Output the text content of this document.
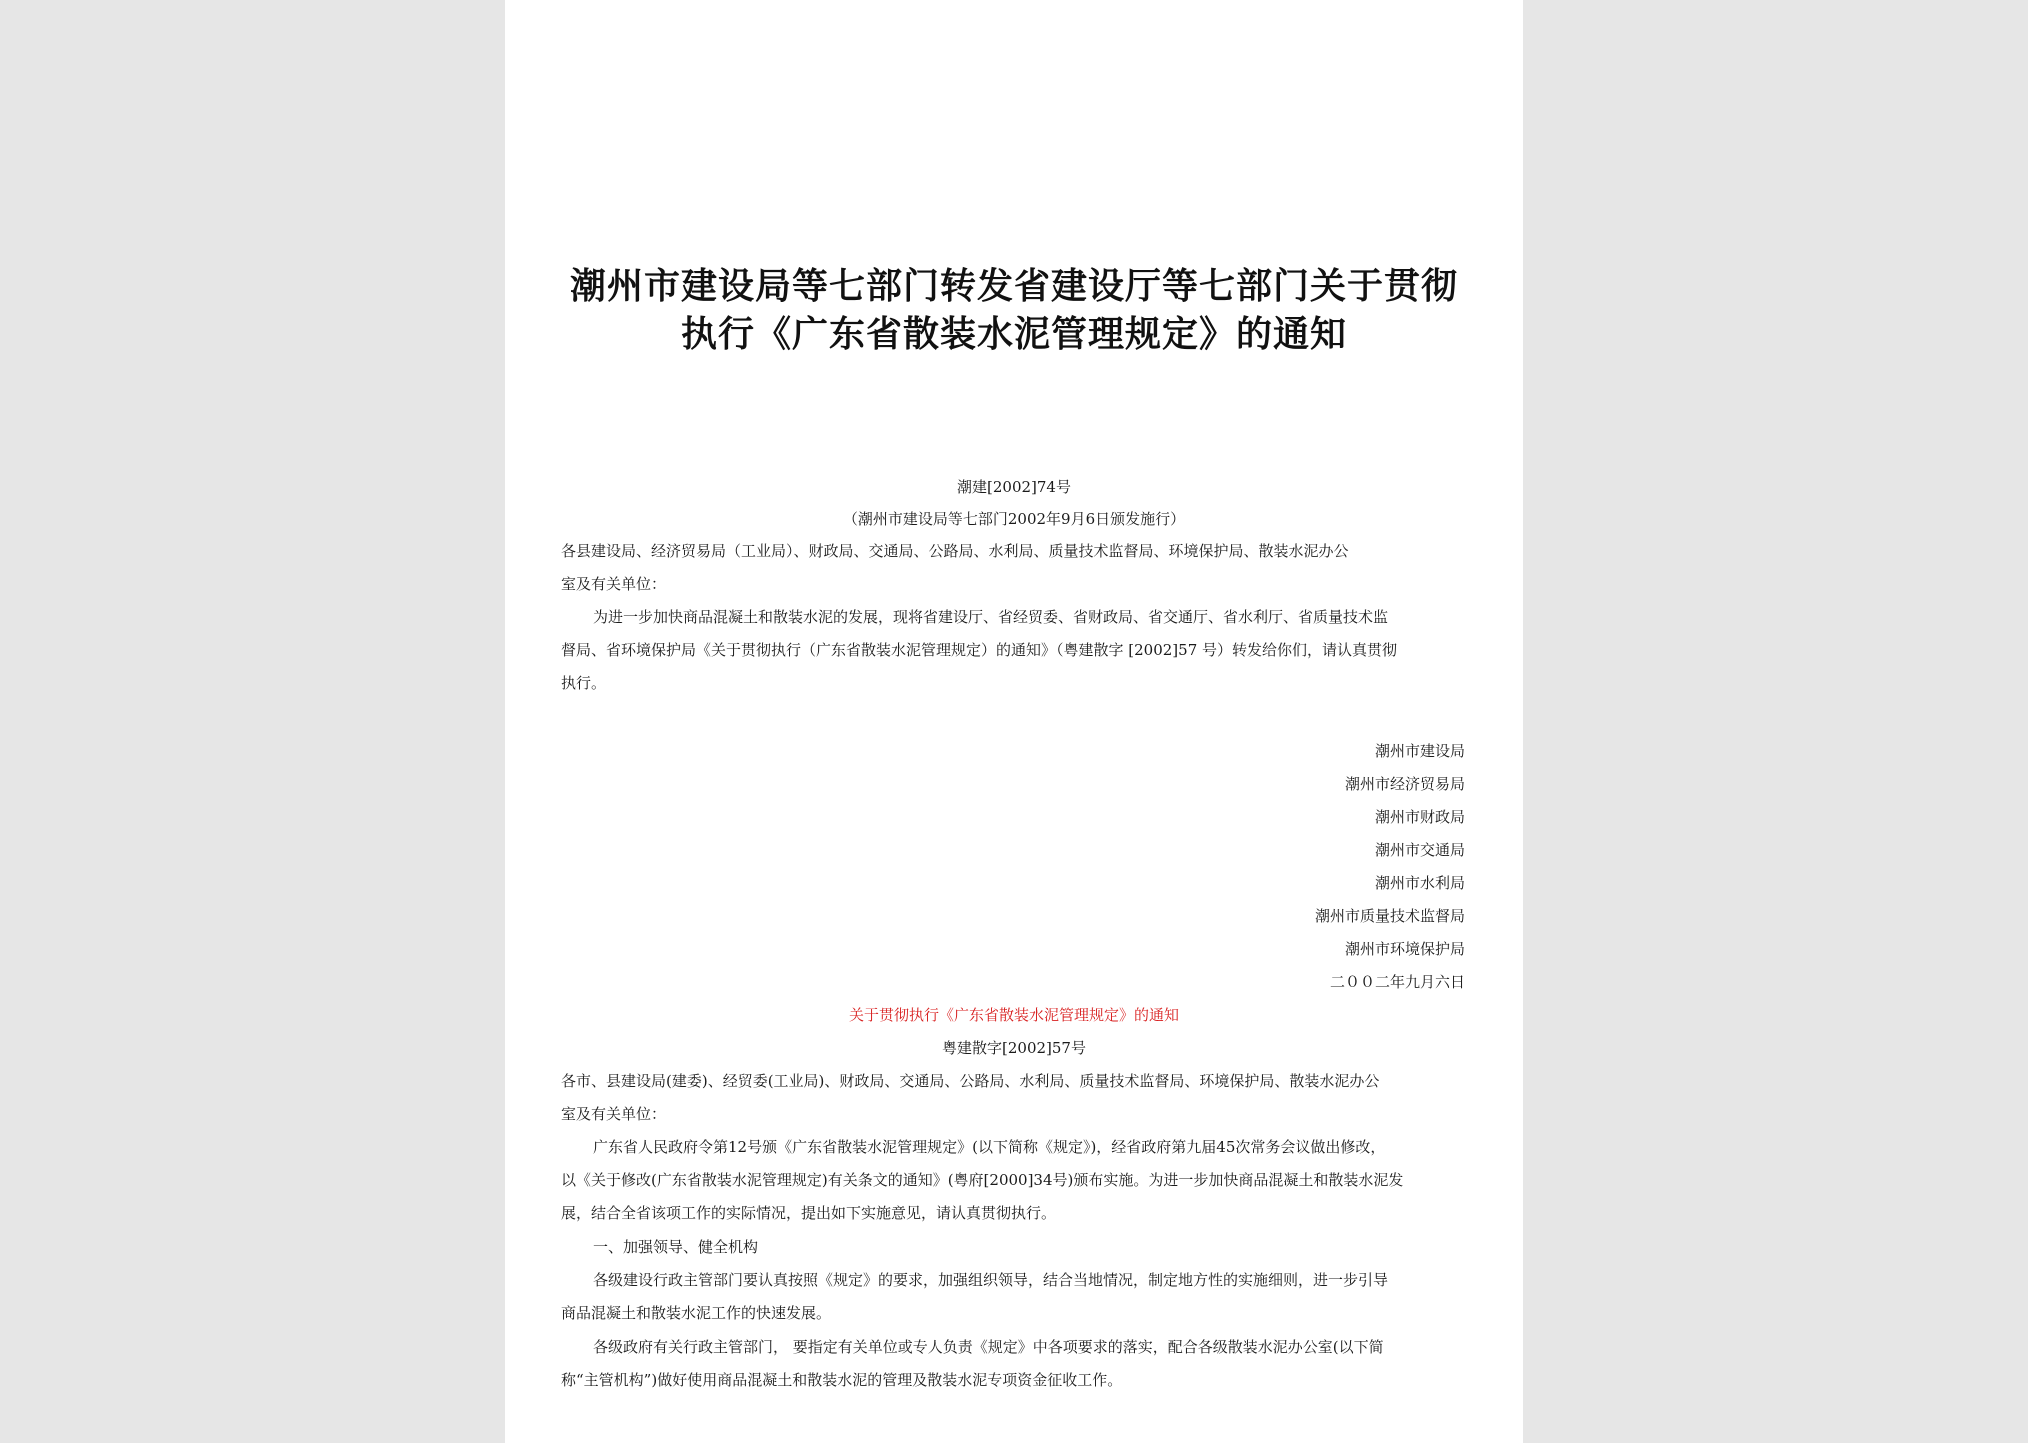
潮州市建设局等七部门转发省建设厅等七部门关于贯彻
执行《广东省散装水泥管理规定》的通知
潮建[2002]74号
（潮州市建设局等七部门2002年9月6日颁发施行）
各县建设局、经济贸易局（工业局）、财政局、交通局、公路局、水利局、质量技术监督局、环境保护局、散装水泥办公
室及有关单位：
为进一步加快商品混凝土和散装水泥的发展，现将省建设厅、省经贸委、省财政局、省交通厅、省水利厅、省质量技术监
督局、省环境保护局《关于贯彻执行（广东省散装水泥管理规定）的通知》（粤建散字 [2002]57 号）转发给你们，请认真贯彻
执行。
潮州市建设局
潮州市经济贸易局
潮州市财政局
潮州市交通局
潮州市水利局
潮州市质量技术监督局
潮州市环境保护局
二００二年九月六日
关于贯彻执行《广东省散装水泥管理规定》的通知
粤建散字[2002]57号
各市、县建设局(建委)、经贸委(工业局)、财政局、交通局、公路局、水利局、质量技术监督局、环境保护局、散装水泥办公
室及有关单位：
广东省人民政府令第12号颁《广东省散装水泥管理规定》(以下简称《规定》)，经省政府第九届45次常务会议做出修改，
以《关于修改(广东省散装水泥管理规定)有关条文的通知》(粤府[2000]34号)颁布实施。为进一步加快商品混凝土和散装水泥发
展，结合全省该项工作的实际情况，提出如下实施意见，请认真贯彻执行。
一、加强领导、健全机构
各级建设行政主管部门要认真按照《规定》的要求，加强组织领导，结合当地情况，制定地方性的实施细则，进一步引导
商品混凝土和散装水泥工作的快速发展。
各级政府有关行政主管部门， 要指定有关单位或专人负责《规定》中各项要求的落实，配合各级散装水泥办公室(以下简
称“主管机构”)做好使用商品混凝土和散装水泥的管理及散装水泥专项资金征收工作。
